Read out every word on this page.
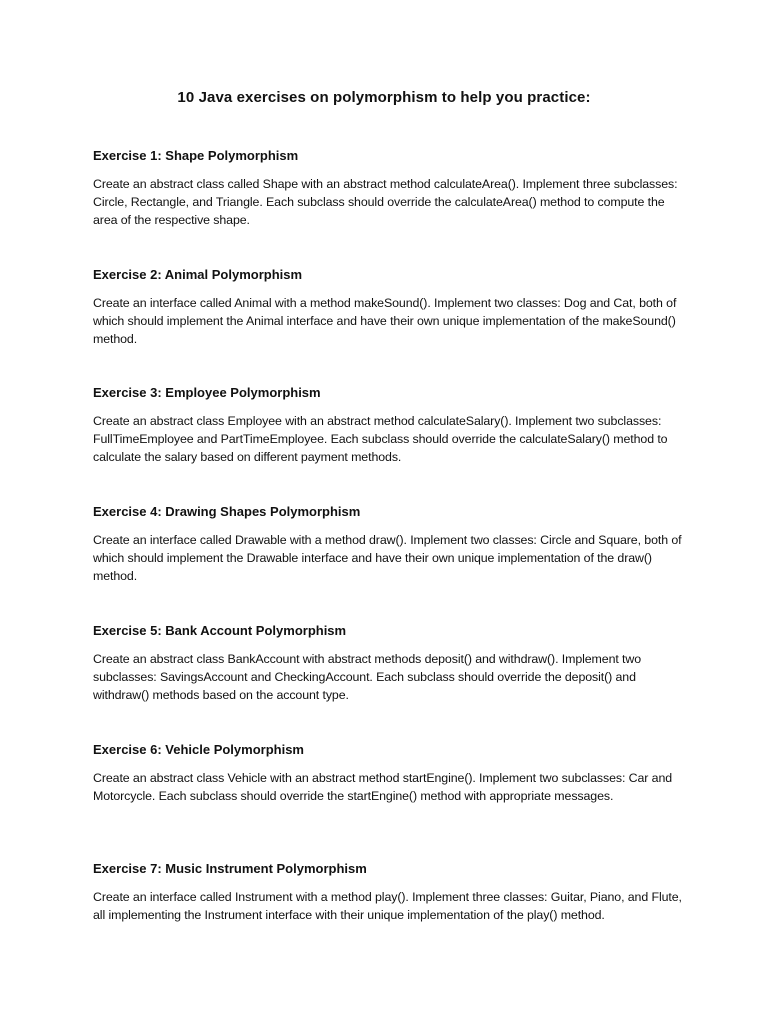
10 Java exercises on polymorphism to help you practice:

Exercise 1: Shape Polymorphism

Create an abstract class called Shape with an abstract method calculateArea(). Implement three subclasses: Circle, Rectangle, and Triangle. Each subclass should override the calculateArea() method to compute the area of the respective shape.

Exercise 2: Animal Polymorphism

Create an interface called Animal with a method makeSound(). Implement two classes: Dog and Cat, both of which should implement the Animal interface and have their own unique implementation of the makeSound() method.

Exercise 3: Employee Polymorphism

Create an abstract class Employee with an abstract method calculateSalary(). Implement two subclasses: FullTimeEmployee and PartTimeEmployee. Each subclass should override the calculateSalary() method to calculate the salary based on different payment methods.

Exercise 4: Drawing Shapes Polymorphism

Create an interface called Drawable with a method draw(). Implement two classes: Circle and Square, both of which should implement the Drawable interface and have their own unique implementation of the draw() method.

Exercise 5: Bank Account Polymorphism

Create an abstract class BankAccount with abstract methods deposit() and withdraw(). Implement two subclasses: SavingsAccount and CheckingAccount. Each subclass should override the deposit() and withdraw() methods based on the account type.

Exercise 6: Vehicle Polymorphism

Create an abstract class Vehicle with an abstract method startEngine(). Implement two subclasses: Car and Motorcycle. Each subclass should override the startEngine() method with appropriate messages.

Exercise 7: Music Instrument Polymorphism

Create an interface called Instrument with a method play(). Implement three classes: Guitar, Piano, and Flute, all implementing the Instrument interface with their unique implementation of the play() method.
